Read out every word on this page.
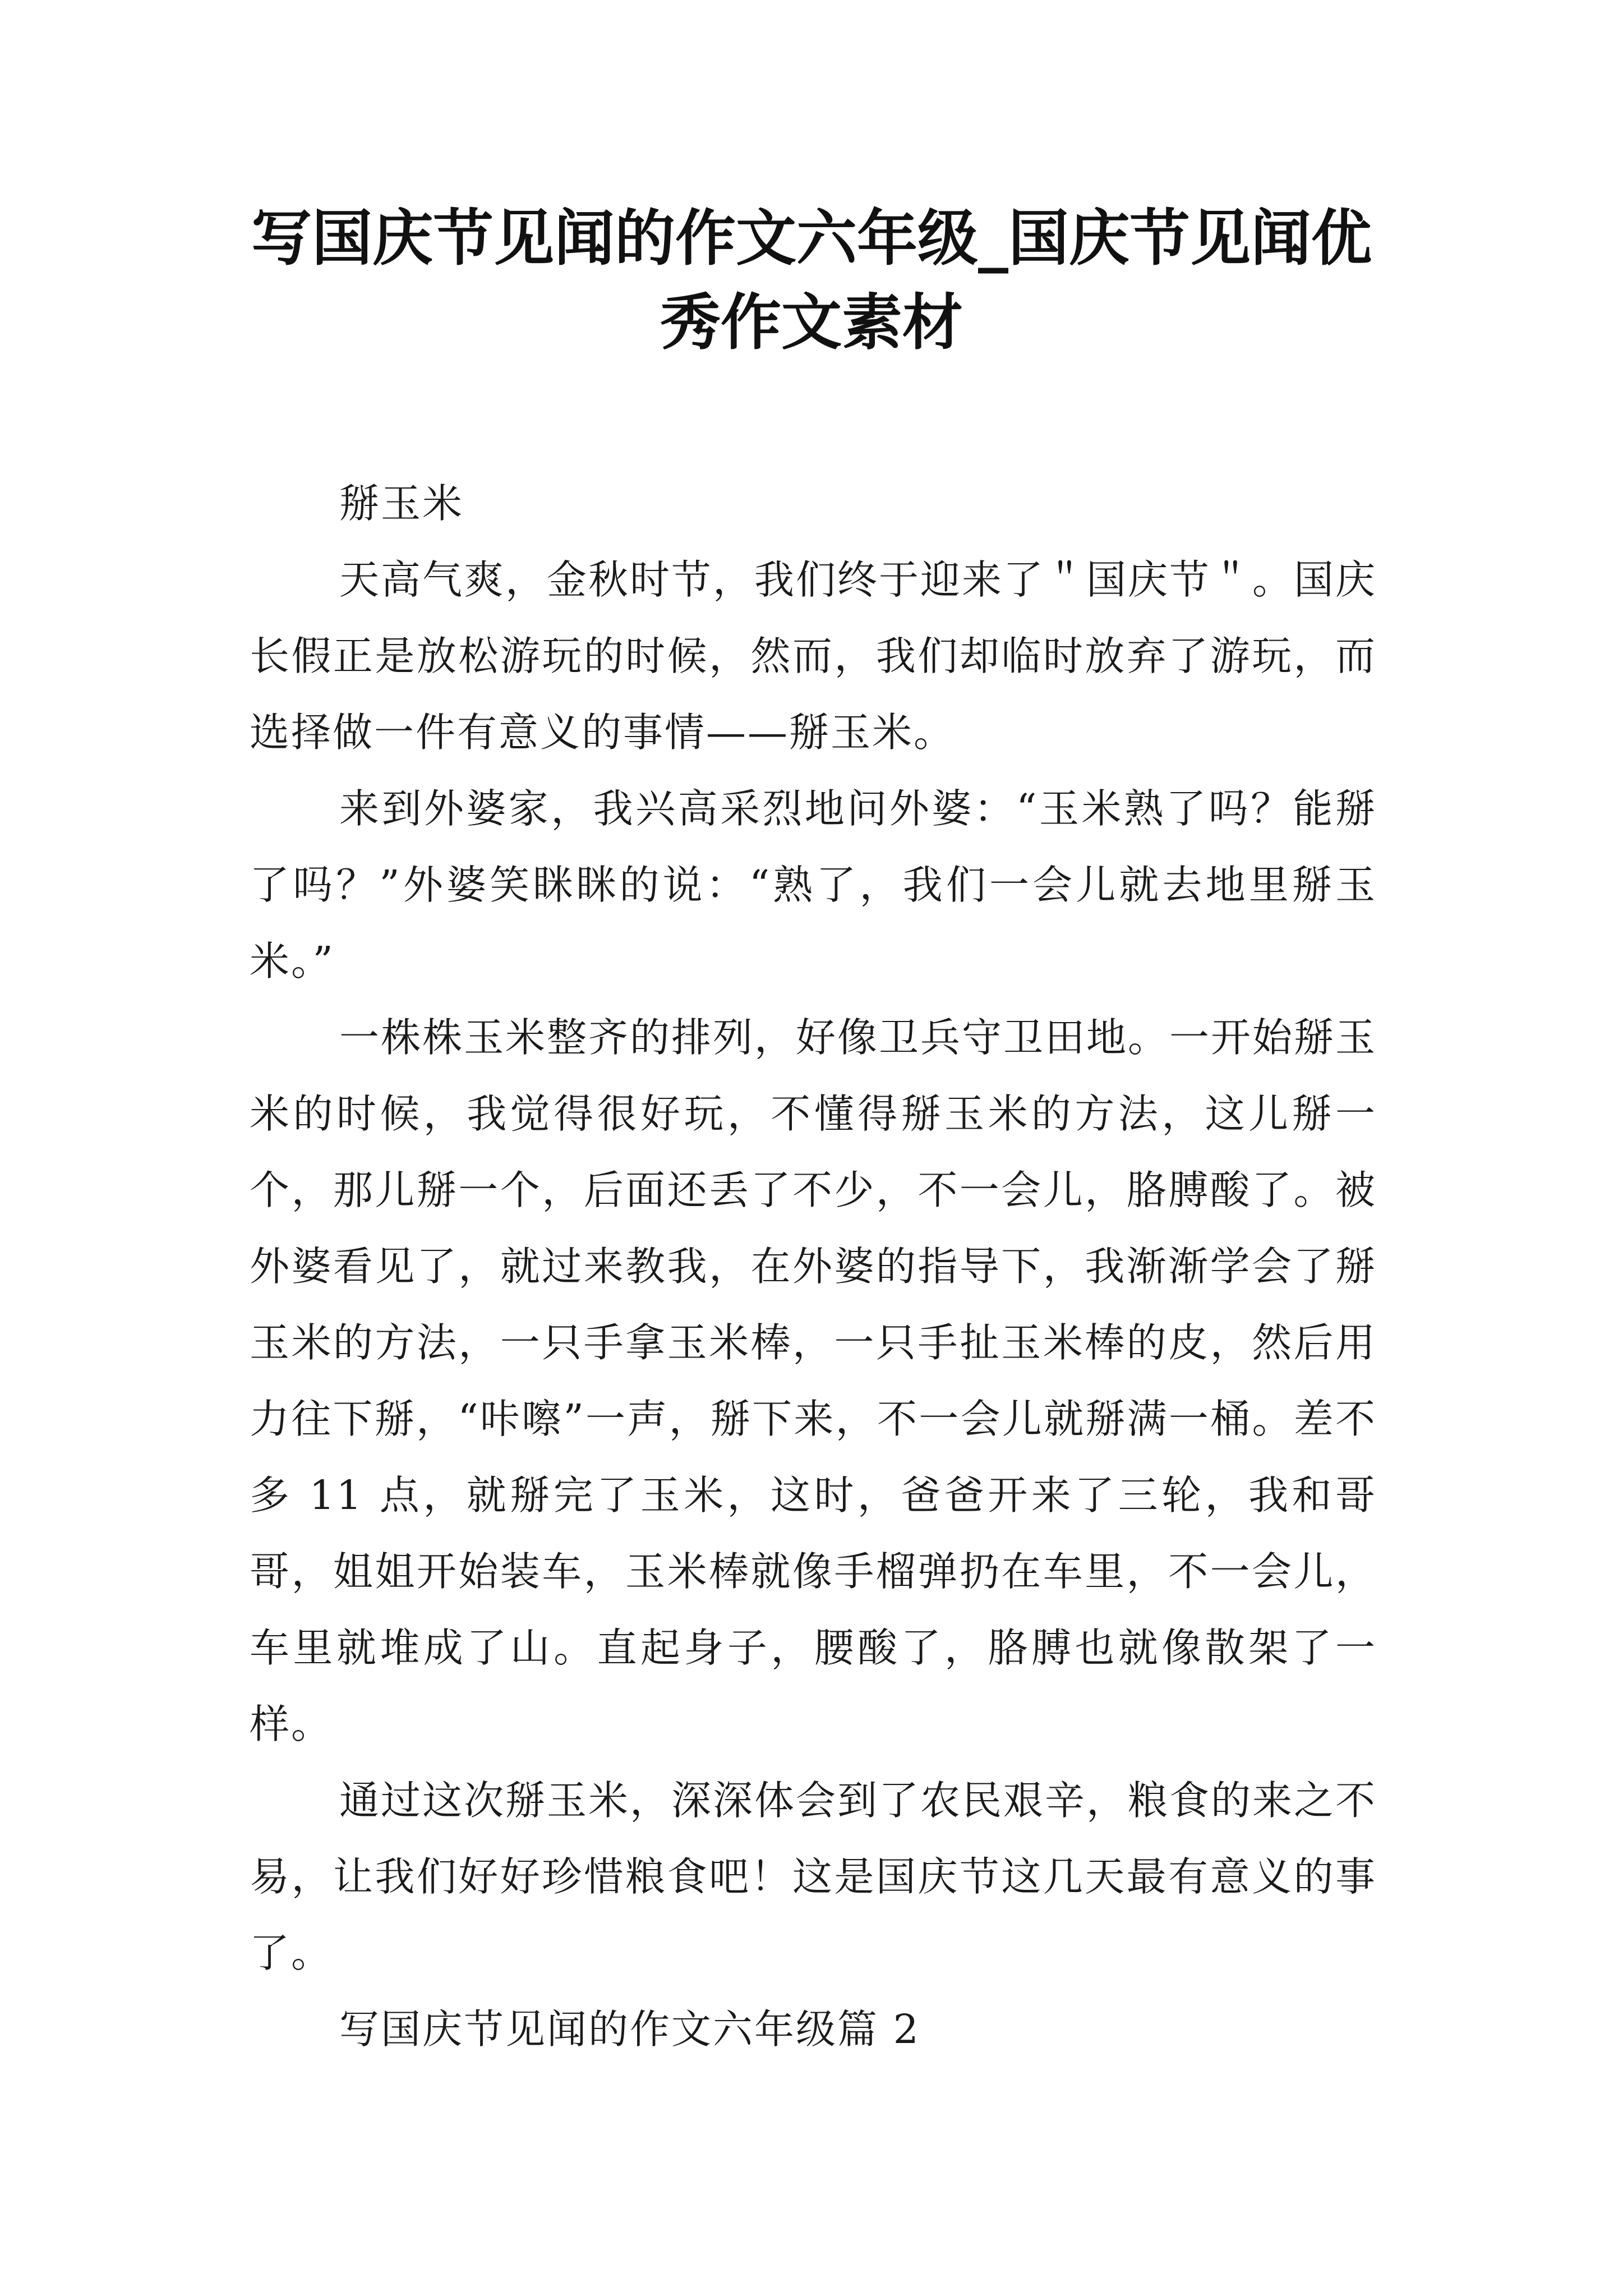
写国庆节见闻的作文六年级_国庆节见闻优
秀作文素材

掰玉米

天高气爽，金秋时节，我们终于迎来了＂国庆节＂。国庆长假正是放松游玩的时候，然而，我们却临时放弃了游玩，而选择做一件有意义的事情——掰玉米。

来到外婆家，我兴高采烈地问外婆：“玉米熟了吗？能掰了吗？”外婆笑眯眯的说：“熟了，我们一会儿就去地里掰玉米。”

一株株玉米整齐的排列，好像卫兵守卫田地。一开始掰玉米的时候，我觉得很好玩，不懂得掰玉米的方法，这儿掰一个，那儿掰一个，后面还丢了不少，不一会儿，胳膊酸了。被外婆看见了，就过来教我，在外婆的指导下，我渐渐学会了掰玉米的方法，一只手拿玉米棒，一只手扯玉米棒的皮，然后用力往下掰，“咔嚓”一声，掰下来，不一会儿就掰满一桶。差不多 11 点，就掰完了玉米，这时，爸爸开来了三轮，我和哥哥，姐姐开始装车，玉米棒就像手榴弹扔在车里，不一会儿，车里就堆成了山。直起身子，腰酸了，胳膊也就像散架了一样。

通过这次掰玉米，深深体会到了农民艰辛，粮食的来之不易，让我们好好珍惜粮食吧！这是国庆节这几天最有意义的事了。

写国庆节见闻的作文六年级篇 2
